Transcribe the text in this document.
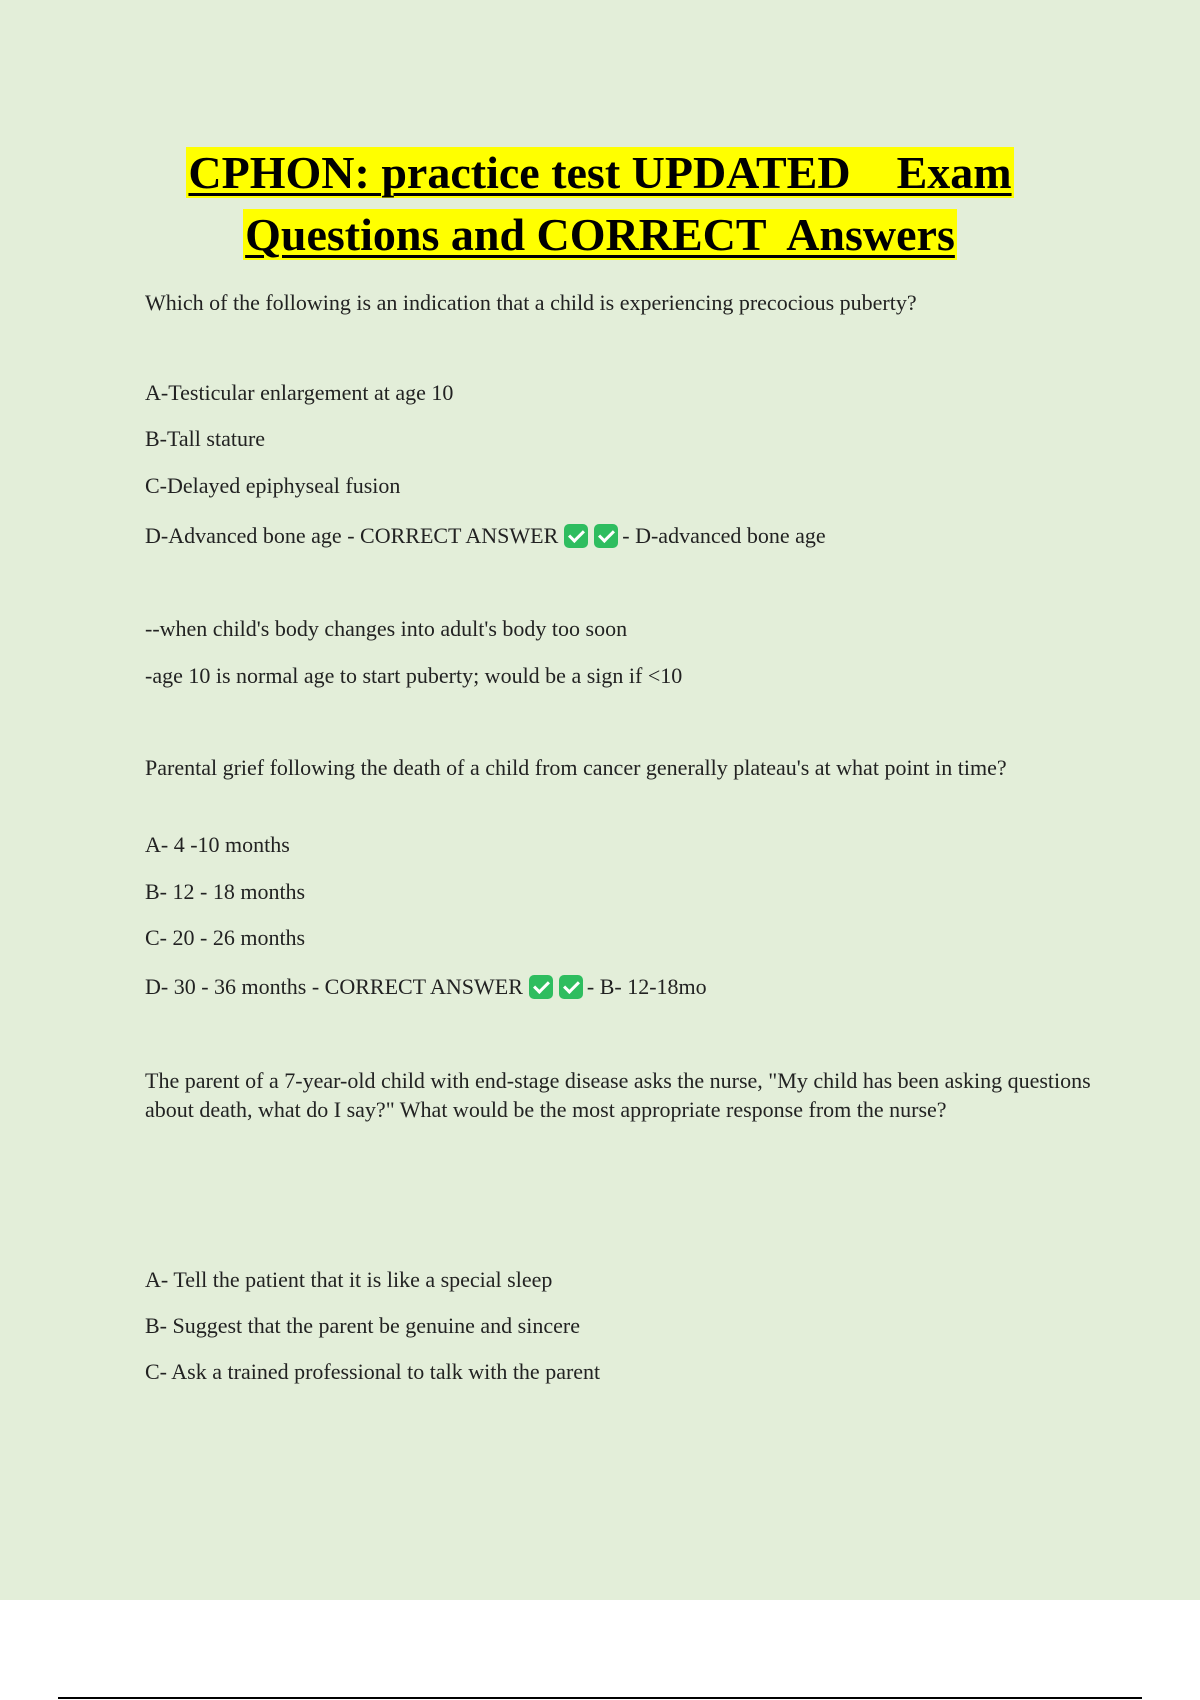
CPHON: practice test UPDATED    Exam
Questions and CORRECT  Answers
Which of the following is an indication that a child is experiencing precocious puberty?
A-Testicular enlargement at age 10
B-Tall stature
C-Delayed epiphyseal fusion
D-Advanced bone age - CORRECT ANSWER	- D-advanced bone age
--when child's body changes into adult's body too soon
-age 10 is normal age to start puberty; would be a sign if <10
Parental grief following the death of a child from cancer generally plateau's at what point in time?
A- 4 -10 months
B- 12 - 18 months
C- 20 - 26 months
D- 30 - 36 months - CORRECT ANSWER	- B- 12-18mo
The parent of a 7-year-old child with end-stage disease asks the nurse, "My child has been asking questions about death, what do I say?" What would be the most appropriate response from the nurse?
A- Tell the patient that it is like a special sleep
B- Suggest that the parent be genuine and sincere
C- Ask a trained professional to talk with the parent
